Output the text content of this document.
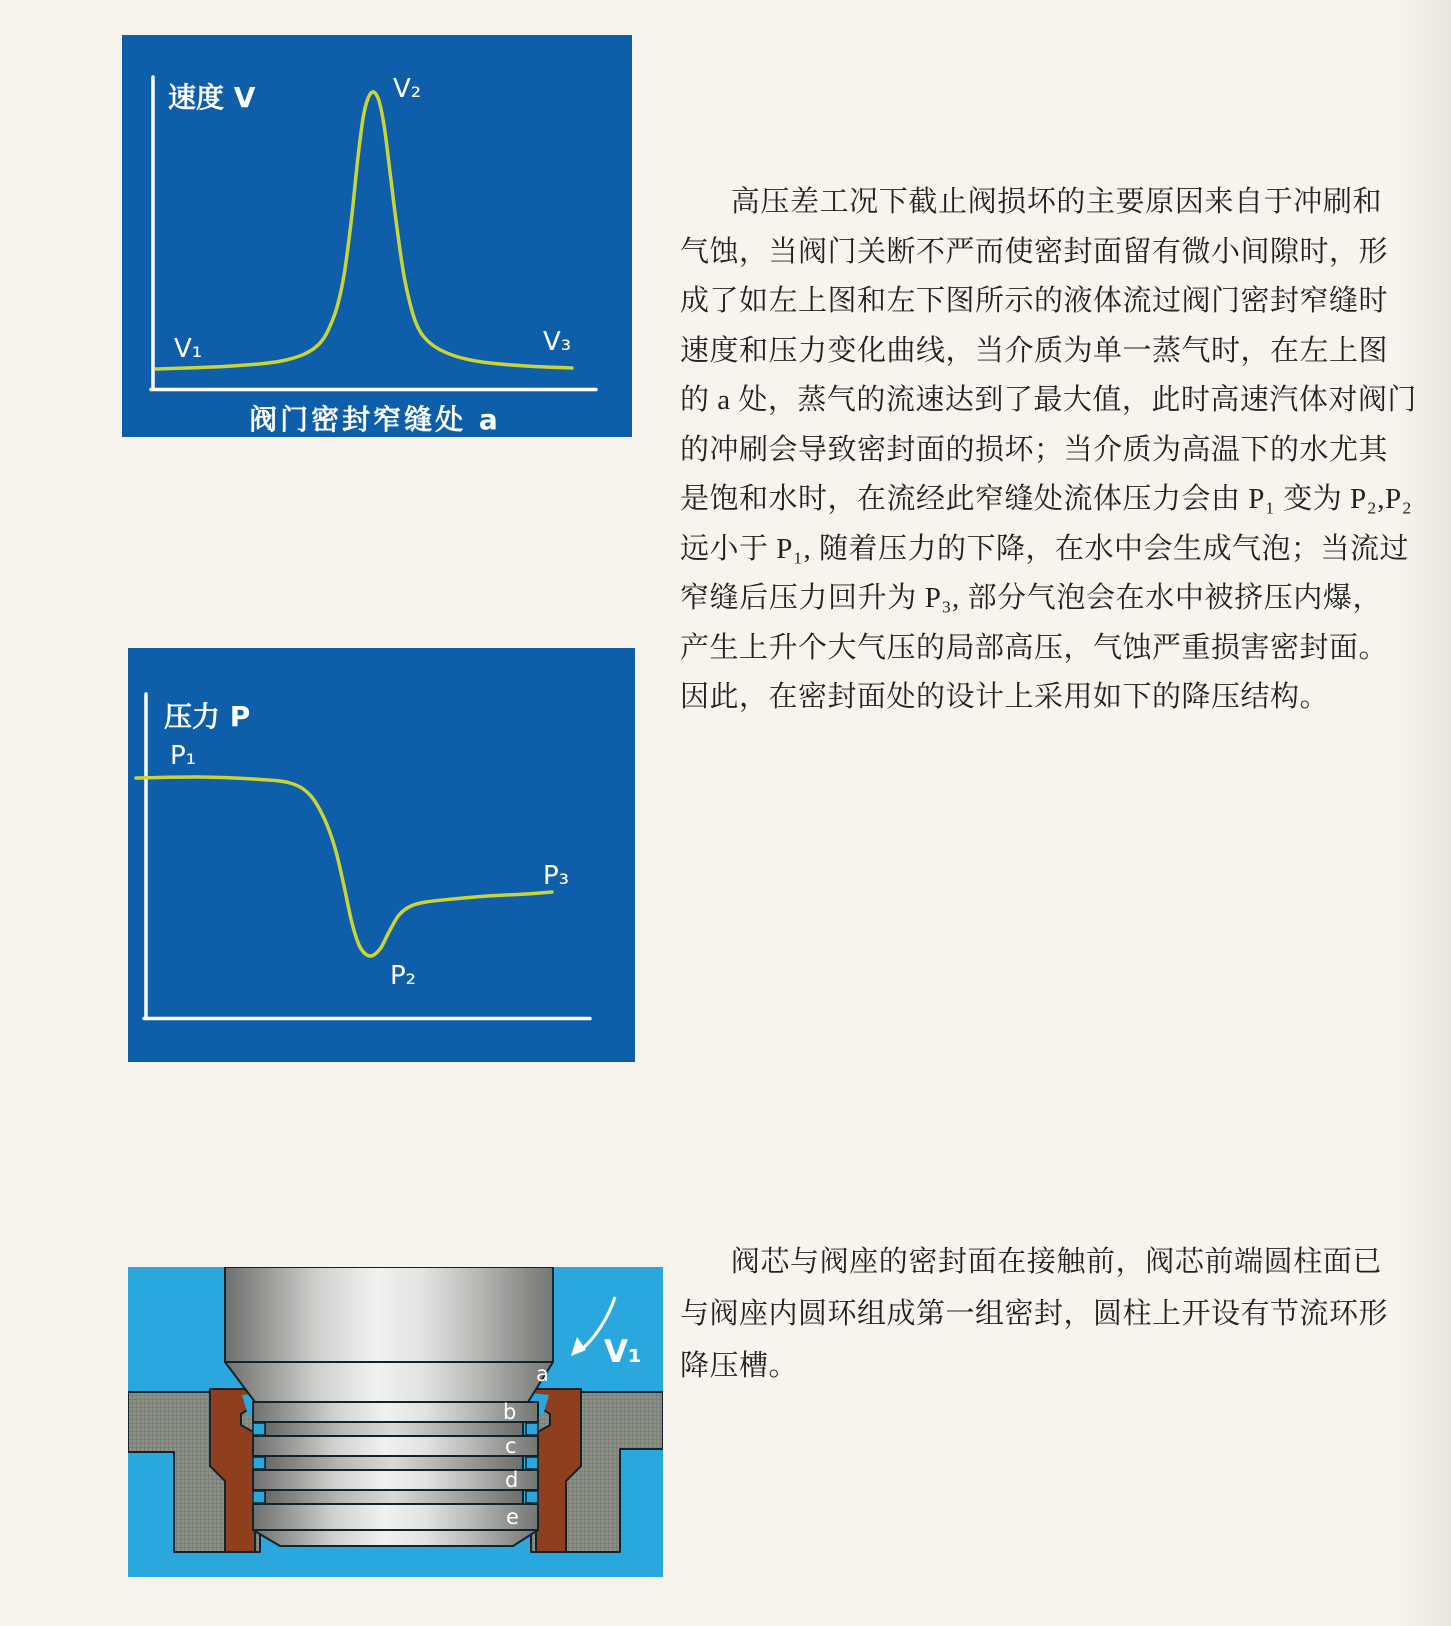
速度 V	V₂
V₁	V₃
阀门密封窄缝处 a
压力 P
P₁
P₂
P₃
a
b
c
d
e
V₁
高压差工况下截止阀损坏的主要原因来自于冲刷和
气蚀，当阀门关断不严而使密封面留有微小间隙时，形
成了如左上图和左下图所示的液体流过阀门密封窄缝时
速度和压力变化曲线，当介质为单一蒸气时，在左上图
的 a 处，蒸气的流速达到了最大值，此时高速汽体对阀门
的冲刷会导致密封面的损坏；当介质为高温下的水尤其
是饱和水时，在流经此窄缝处流体压力会由 P₁ 变为 P₂,P₂
远小于 P₁, 随着压力的下降，在水中会生成气泡；当流过
窄缝后压力回升为 P₃, 部分气泡会在水中被挤压内爆，
产生上升个大气压的局部高压，气蚀严重损害密封面。
因此，在密封面处的设计上采用如下的降压结构。
阀芯与阀座的密封面在接触前，阀芯前端圆柱面已
与阀座内圆环组成第一组密封，圆柱上开设有节流环形
降压槽。
